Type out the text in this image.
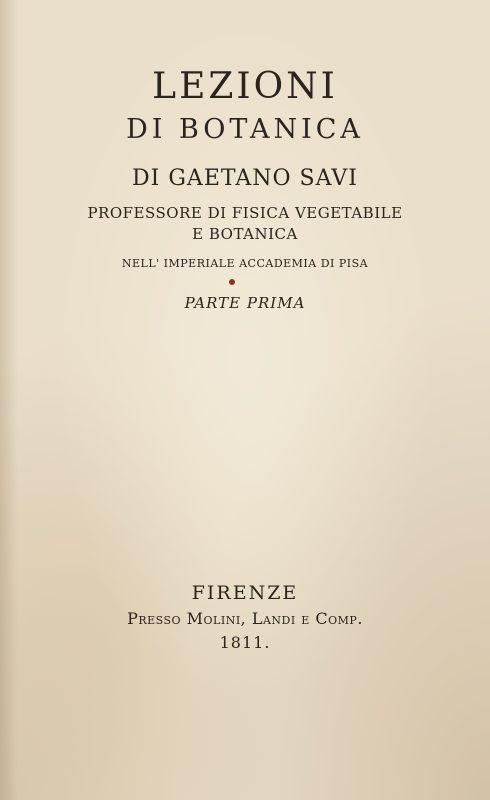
LEZIONI
DI BOTANICA
DI GAETANO SAVI
PROFESSORE DI FISICA VEGETABILE
E BOTANICA
NELL' IMPERIALE ACCADEMIA DI PISA
PARTE PRIMA
FIRENZE
Presso Molini, Landi e Comp.
1811.
